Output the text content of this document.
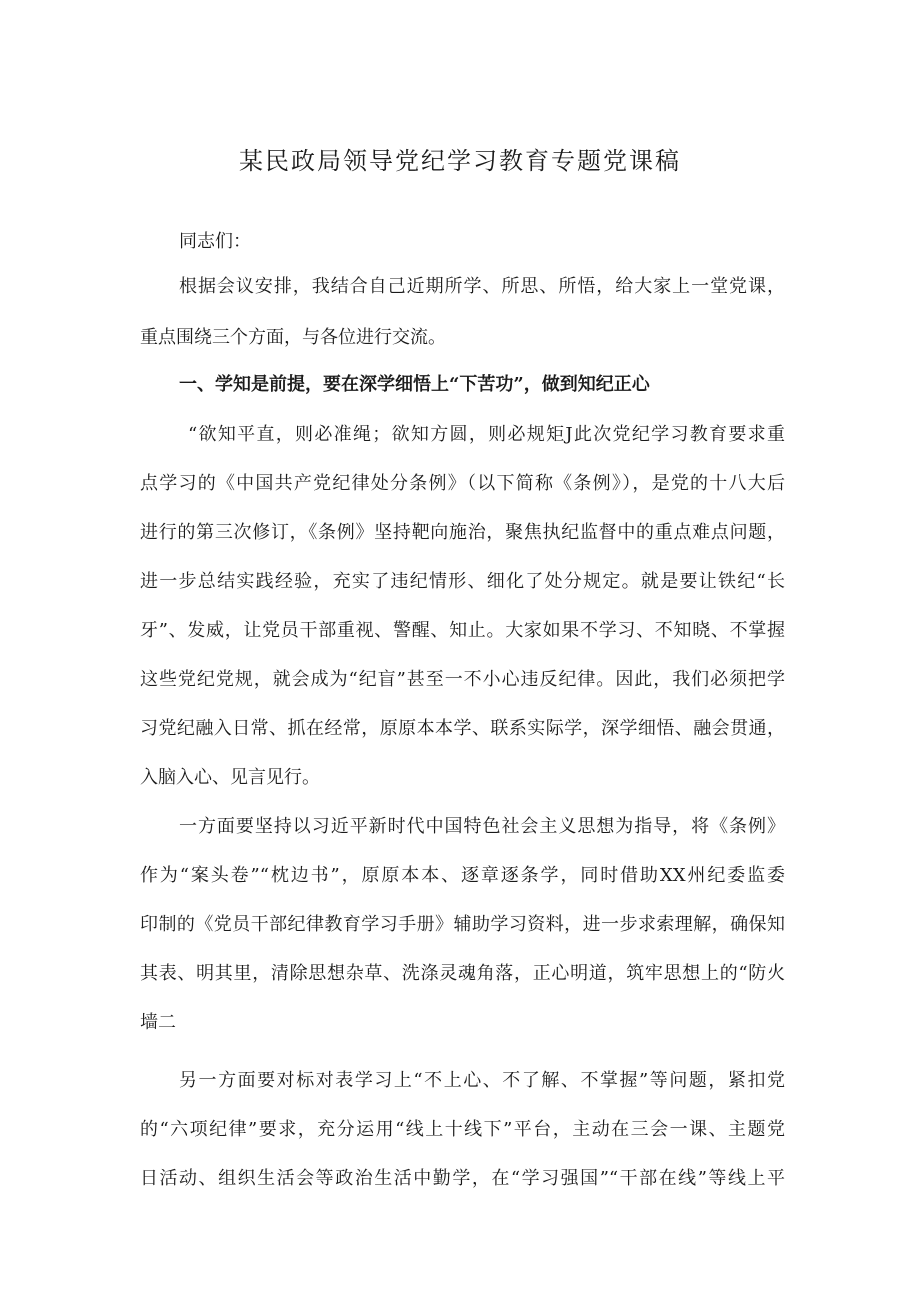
某民政局领导党纪学习教育专题党课稿

同志们：

根据会议安排，我结合自己近期所学、所思、所悟，给大家上一堂党课，

重点围绕三个方面，与各位进行交流。

一、学知是前提，要在深学细悟上“下苦功”，做到知纪正心

“欲知平直，则必准绳；欲知方圆，则必规矩J此次党纪学习教育要求重

点学习的《中国共产党纪律处分条例》（以下简称《条例》），是党的十八大后

进行的第三次修订，《条例》坚持靶向施治，聚焦执纪监督中的重点难点问题，

进一步总结实践经验，充实了违纪情形、细化了处分规定。就是要让铁纪“长

牙”、发威，让党员干部重视、警醒、知止。大家如果不学习、不知晓、不掌握

这些党纪党规，就会成为“纪盲”甚至一不小心违反纪律。因此，我们必须把学

习党纪融入日常、抓在经常，原原本本学、联系实际学，深学细悟、融会贯通，

入脑入心、见言见行。

一方面要坚持以习近平新时代中国特色社会主义思想为指导，将《条例》

作为“案头卷”“枕边书”，原原本本、逐章逐条学，同时借助XX州纪委监委

印制的《党员干部纪律教育学习手册》辅助学习资料，进一步求索理解，确保知

其表、明其里，清除思想杂草、洗涤灵魂角落，正心明道，筑牢思想上的“防火

墙二

另一方面要对标对表学习上“不上心、不了解、不掌握”等问题，紧扣党

的“六项纪律”要求，充分运用“线上十线下”平台，主动在三会一课、主题党

日活动、组织生活会等政治生活中勤学，在“学习强国”“干部在线”等线上平
